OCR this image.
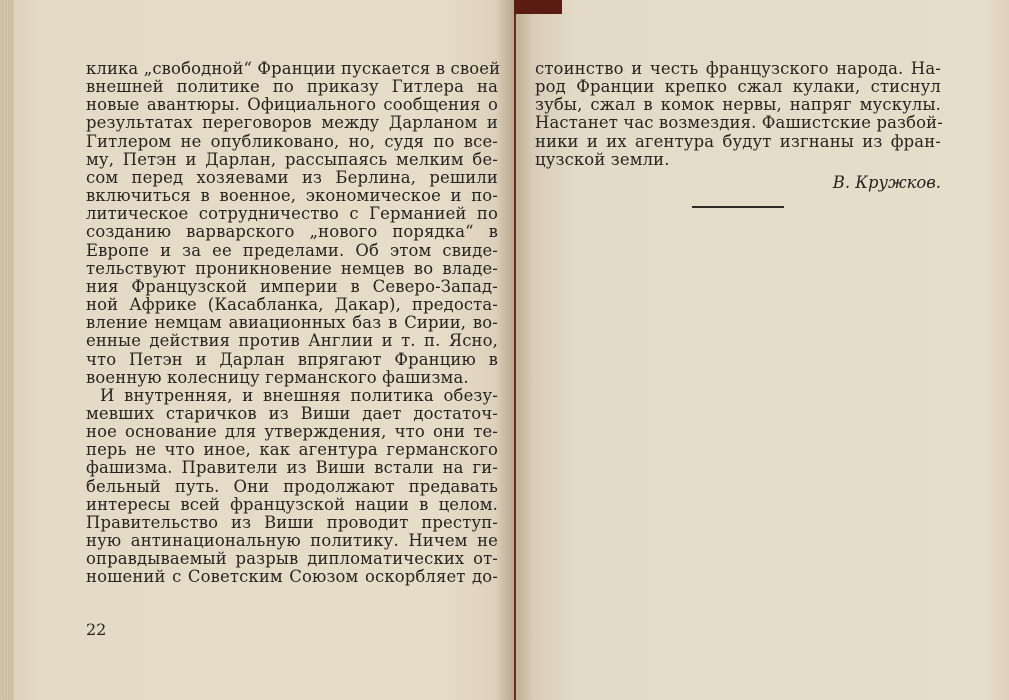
клика „свободной“ Франции пускается в своей
внешней политике по приказу Гитлера на
новые авантюры. Официального сообщения о
результатах переговоров между Дарланом и
Гитлером не опубликовано, но, судя по все-
му, Петэн и Дарлан, рассыпаясь мелким бе-
сом перед хозяевами из Берлина, решили
включиться в военное, экономическое и по-
литическое сотрудничество с Германией по
созданию варварского „нового порядка“ в
Европе и за ее пределами. Об этом свиде-
тельствуют проникновение немцев во владе-
ния Французской империи в Северо-Запад-
ной Африке (Касабланка, Дакар), предоста-
вление немцам авиационных баз в Сирии, во-
енные действия против Англии и т. п. Ясно,
что Петэн и Дарлан впрягают Францию в
военную колесницу германского фашизма.
И внутренняя, и внешняя политика обезу-
мевших старичков из Виши дает достаточ-
ное основание для утверждения, что они те-
перь не что иное, как агентура германского
фашизма. Правители из Виши встали на ги-
бельный путь. Они продолжают предавать
интересы всей французской нации в целом.
Правительство из Виши проводит преступ-
ную антинациональную политику. Ничем не
оправдываемый разрыв дипломатических от-
ношений с Советским Союзом оскорбляет до-
22
стоинство и честь французского народа. На-
род Франции крепко сжал кулаки, стиснул
зубы, сжал в комок нервы, напряг мускулы.
Настанет час возмездия. Фашистские разбой-
ники и их агентура будут изгнаны из фран-
цузской земли.
В. Кружков.
